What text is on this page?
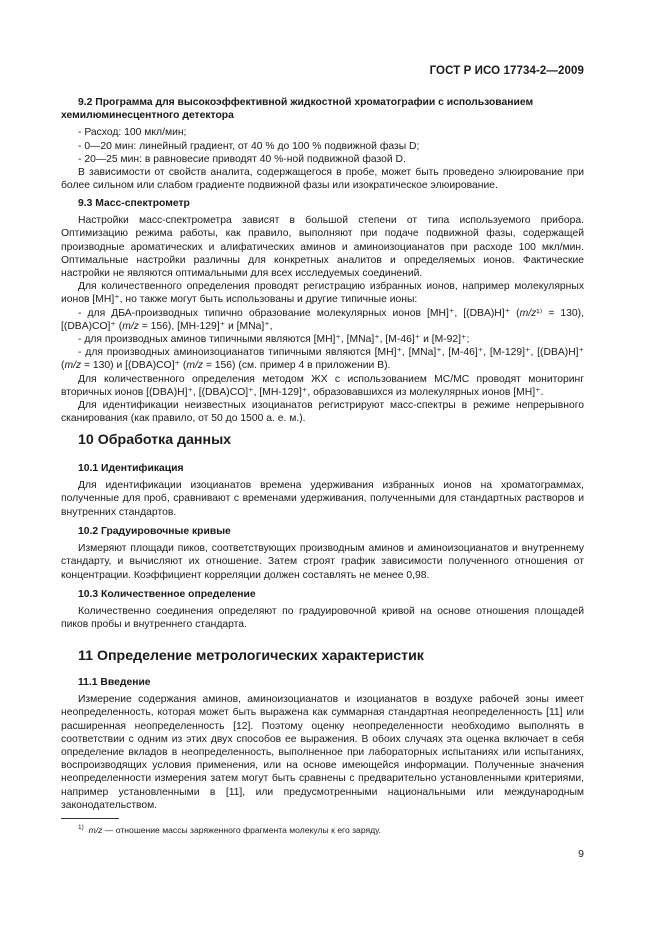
ГОСТ Р ИСО 17734-2—2009
9.2 Программа для высокоэффективной жидкостной хроматографии с использованием хемилюминесцентного детектора
- Расход: 100 мкл/мин;
- 0—20 мин: линейный градиент, от 40 % до 100 % подвижной фазы D;
- 20—25 мин: в равновесие приводят 40 %-ной подвижной фазой D.
В зависимости от свойств аналита, содержащегося в пробе, может быть проведено элюирование при более сильном или слабом градиенте подвижной фазы или изократическое элюирование.
9.3 Масс-спектрометр
Настройки масс-спектрометра зависят в большой степени от типа используемого прибора. Оптимизацию режима работы, как правило, выполняют при подаче подвижной фазы, содержащей производные ароматических и алифатических аминов и аминоизоцианатов при расходе 100 мкл/мин. Оптимальные настройки различны для конкретных аналитов и определяемых ионов. Фактические настройки не являются оптимальными для всех исследуемых соединений.
Для количественного определения проводят регистрацию избранных ионов, например молекулярных ионов [MH]⁺, но также могут быть использованы и другие типичные ионы:
- для ДБА-производных типично образование молекулярных ионов [MH]⁺, [(DBA)H]⁺ (m/z¹⁾ = 130), [(DBA)CO]⁺ (m/z = 156), [MH-129]⁺ и [MNa]⁺,
- для производных аминов типичными являются [MH]⁺, [MNa]⁺, [M-46]⁺ и [M-92]⁺;
- для производных аминоизоцианатов типичными являются [MH]⁺, [MNa]⁺, [M-46]⁺, [M-129]⁺, [(DBA)H]⁺ (m/z = 130) и [(DBA)CO]⁺ (m/z = 156) (см. пример 4 в приложении В).
Для количественного определения методом ЖХ с использованием МС/МС проводят мониторинг вторичных ионов [(DBA)H]⁺, [(DBA)CO]⁺, [MH-129]⁺, образовавшихся из молекулярных ионов [MH]⁺.
Для идентификации неизвестных изоцианатов регистрируют масс-спектры в режиме непрерывного сканирования (как правило, от 50 до 1500 а. е. м.).
10 Обработка данных
10.1 Идентификация
Для идентификации изоцианатов времена удерживания избранных ионов на хроматограммах, полученные для проб, сравнивают с временами удерживания, полученными для стандартных растворов и внутренних стандартов.
10.2 Градуировочные кривые
Измеряют площади пиков, соответствующих производным аминов и аминоизоцианатов и внутреннему стандарту, и вычисляют их отношение. Затем строят график зависимости полученного отношения от концентрации. Коэффициент корреляции должен составлять не менее 0,98.
10.3 Количественное определение
Количественно соединения определяют по градуировочной кривой на основе отношения площадей пиков пробы и внутреннего стандарта.
11 Определение метрологических характеристик
11.1 Введение
Измерение содержания аминов, аминоизоцианатов и изоцианатов в воздухе рабочей зоны имеет неопределенность, которая может быть выражена как суммарная стандартная неопределенность [11] или расширенная неопределенность [12]. Поэтому оценку неопределенности необходимо выполнять в соответствии с одним из этих двух способов ее выражения. В обоих случаях эта оценка включает в себя определение вкладов в неопределенность, выполненное при лабораторных испытаниях или испытаниях, воспроизводящих условия применения, или на основе имеющейся информации. Полученные значения неопределенности измерения затем могут быть сравнены с предварительно установленными критериями, например установленными в [11], или предусмотренными национальными или международным законодательством.
$^{1)}$ m/z — отношение массы заряженного фрагмента молекулы к его заряду.
9
